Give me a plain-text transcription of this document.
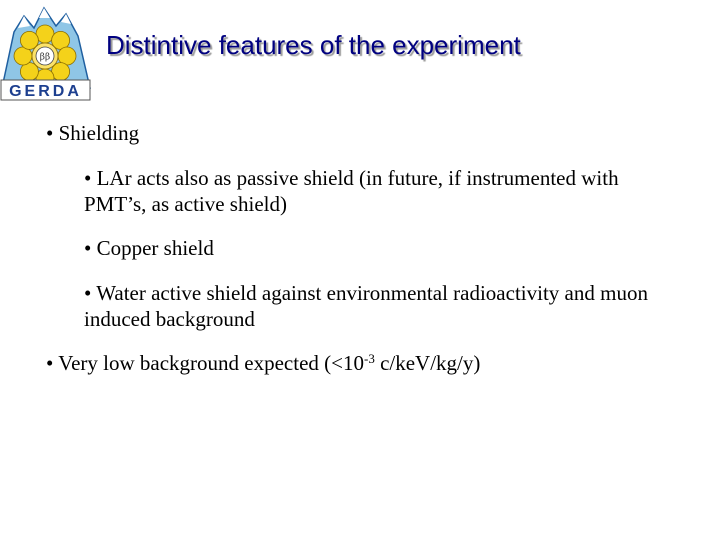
ββ
GERDA
Distintive features of the experiment
• Shielding
• LAr acts also as passive shield (in future, if instrumented with PMT’s, as active shield)
• Copper shield
• Water active shield against environmental radioactivity and muon induced background
• Very low background expected ($<10^{-3}$ c/keV/kg/y)
